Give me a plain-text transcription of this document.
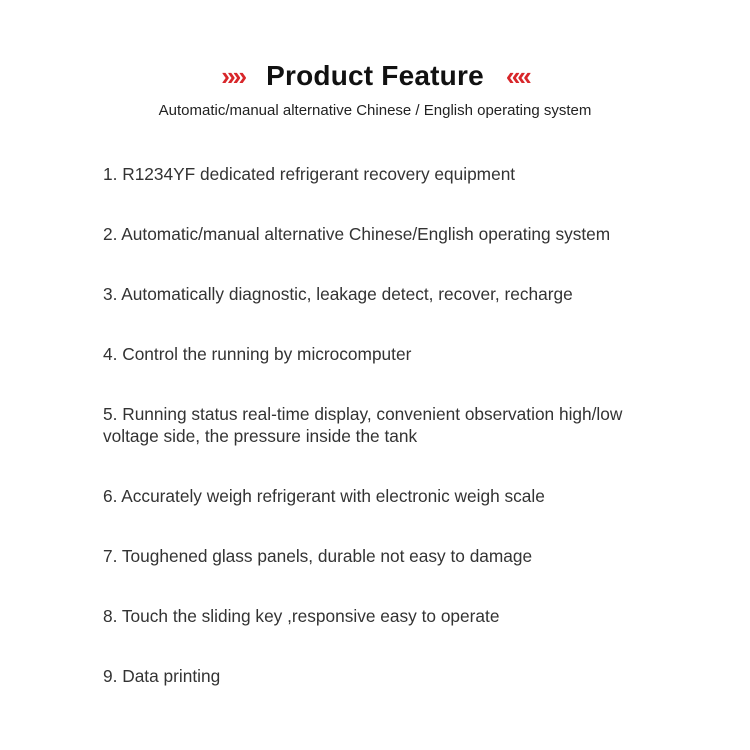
»» Product Feature ««
Automatic/manual alternative Chinese / English operating system
1. R1234YF dedicated refrigerant recovery equipment
2. Automatic/manual alternative Chinese/English operating system
3. Automatically diagnostic, leakage detect, recover, recharge
4. Control the running by microcomputer
5. Running status real-time display, convenient observation high/low
voltage side, the pressure inside the tank
6. Accurately weigh refrigerant with electronic weigh scale
7. Toughened glass panels, durable not easy to damage
8. Touch the sliding key ,responsive easy to operate
9. Data printing
